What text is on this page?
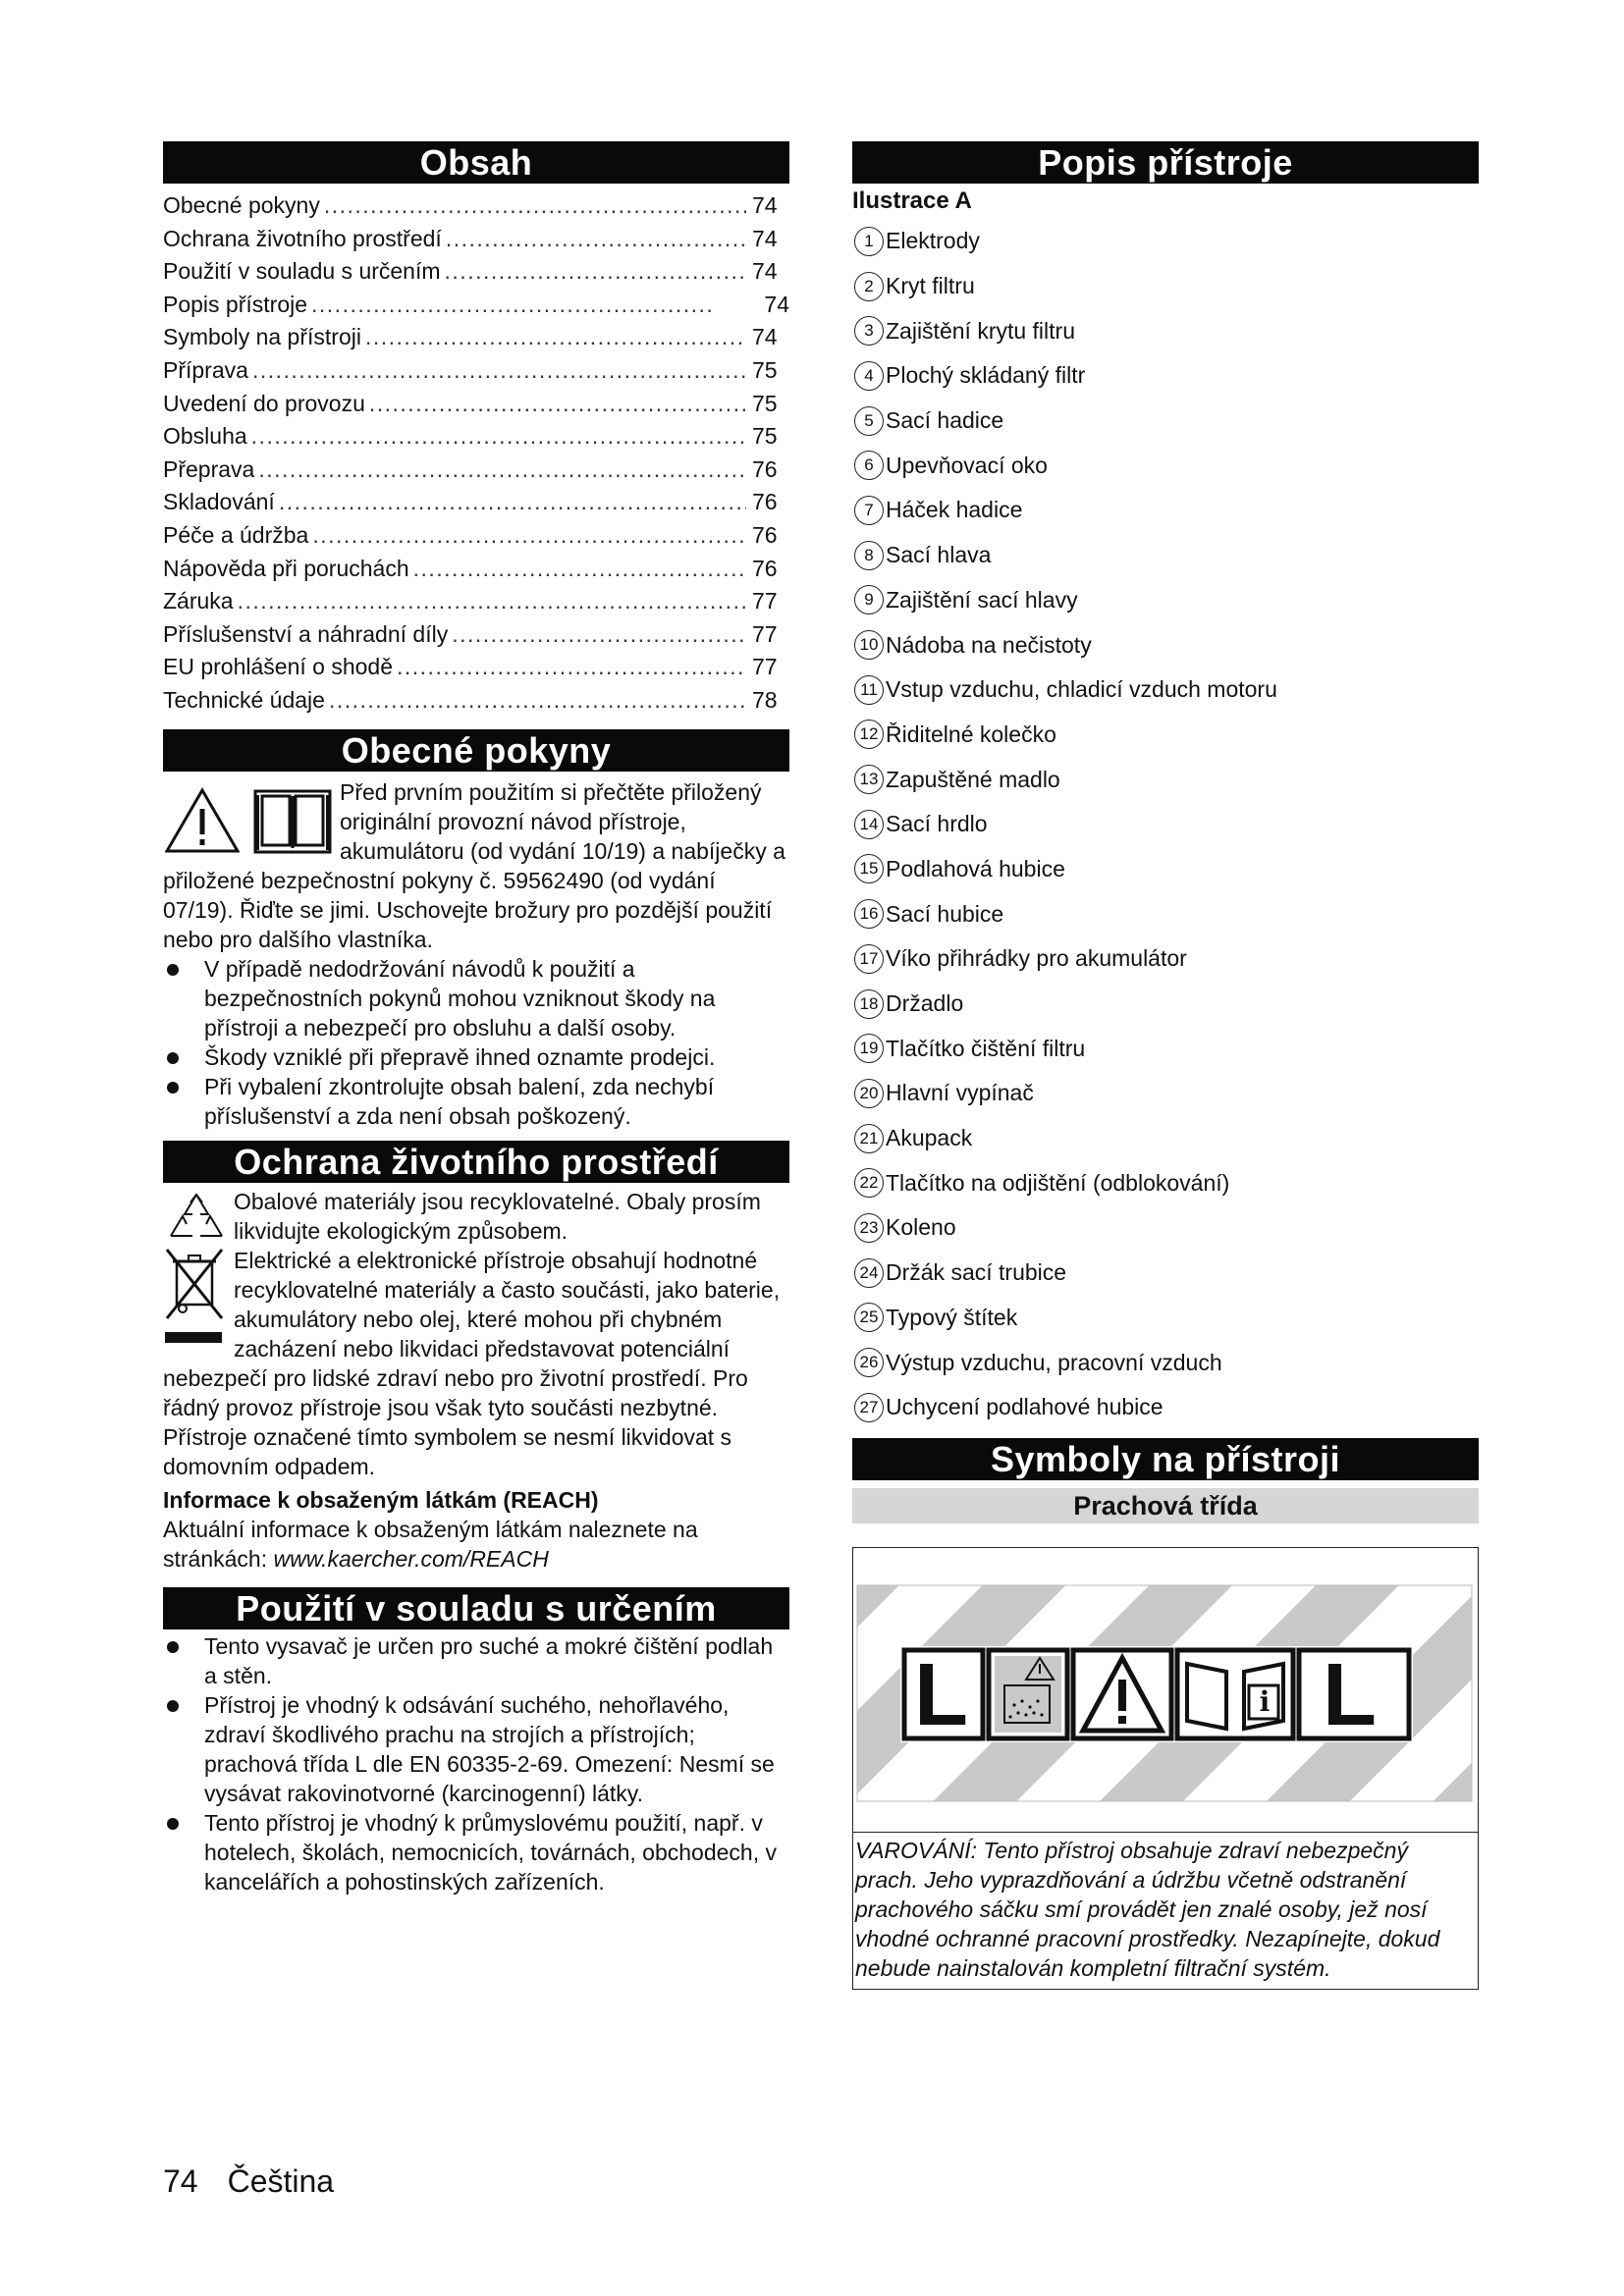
Obsah
Obecné pokyny .....	74
Ochrana životního prostředí .....	74
Použití v souladu s určením .....	74
Popis přístroje .....	74
Symboly na přístroji .....	74
Příprava .....	75
Uvedení do provozu .....	75
Obsluha .....	75
Přeprava .....	76
Skladování .....	76
Péče a údržba .....	76
Nápověda při poruchách .....	76
Záruka .....	77
Příslušenství a náhradní díly .....	77
EU prohlášení o shodě .....	77
Technické údaje .....	78
Obecné pokyny
Před prvním použitím si přečtěte přiložený originální provozní návod přístroje, akumulátoru (od vydání 10/19) a nabíječky a přiložené bezpečnostní pokyny č. 59562490 (od vydání 07/19). Řiďte se jimi. Uschovejte brožury pro pozdější použití nebo pro dalšího vlastníka.
V případě nedodržování návodů k použití a bezpečnostních pokynů mohou vzniknout škody na přístroji a nebezpečí pro obsluhu a další osoby.
Škody vzniklé při přepravě ihned oznamte prodejci.
Při vybalení zkontrolujte obsah balení, zda nechybí příslušenství a zda není obsah poškozený.
Ochrana životního prostředí
Obalové materiály jsou recyklovatelné. Obaly prosím likvidujte ekologickým způsobem.
Elektrické a elektronické přístroje obsahují hodnotné recyklovatelné materiály a často součásti, jako baterie, akumulátory nebo olej, které mohou při chybném zacházení nebo likvidaci představovat potenciální nebezpečí pro lidské zdraví nebo pro životní prostředí. Pro řádný provoz přístroje jsou však tyto součásti nezbytné. Přístroje označené tímto symbolem se nesmí likvidovat s domovním odpadem.
Informace k obsaženým látkám (REACH)
Aktuální informace k obsaženým látkám naleznete na stránkách: www.kaercher.com/REACH
Použití v souladu s určením
Tento vysavač je určen pro suché a mokré čištění podlah a stěn.
Přístroj je vhodný k odsávání suchého, nehořlavého, zdraví škodlivého prachu na strojích a přístrojích; prachová třída L dle EN 60335-2-69. Omezení: Nesmí se vysávat rakovinotvorné (karcinogenní) látky.
Tento přístroj je vhodný k průmyslovému použití, např. v hotelech, školách, nemocnicích, továrnách, obchodech, v kancelářích a pohostinských zařízeních.
Popis přístroje
Ilustrace A
1 Elektrody
2 Kryt filtru
3 Zajištění krytu filtru
4 Plochý skládaný filtr
5 Sací hadice
6 Upevňovací oko
7 Háček hadice
8 Sací hlava
9 Zajištění sací hlavy
10 Nádoba na nečistoty
11 Vstup vzduchu, chladicí vzduch motoru
12 Řiditelné kolečko
13 Zapuštěné madlo
14 Sací hrdlo
15 Podlahová hubice
16 Sací hubice
17 Víko přihrádky pro akumulátor
18 Držadlo
19 Tlačítko čištění filtru
20 Hlavní vypínač
21 Akupack
22 Tlačítko na odjištění (odblokování)
23 Koleno
24 Držák sací trubice
25 Typový štítek
26 Výstup vzduchu, pracovní vzduch
27 Uchycení podlahové hubice
Symboly na přístroji
Prachová třída
L	i L
VAROVÁNÍ: Tento přístroj obsahuje zdraví nebezpečný prach. Jeho vyprazdňování a údržbu včetně odstranění prachového sáčku smí provádět jen znalé osoby, jež nosí vhodné ochranné pracovní prostředky. Nezapínejte, dokud nebude nainstalován kompletní filtrační systém.
74 Čeština
